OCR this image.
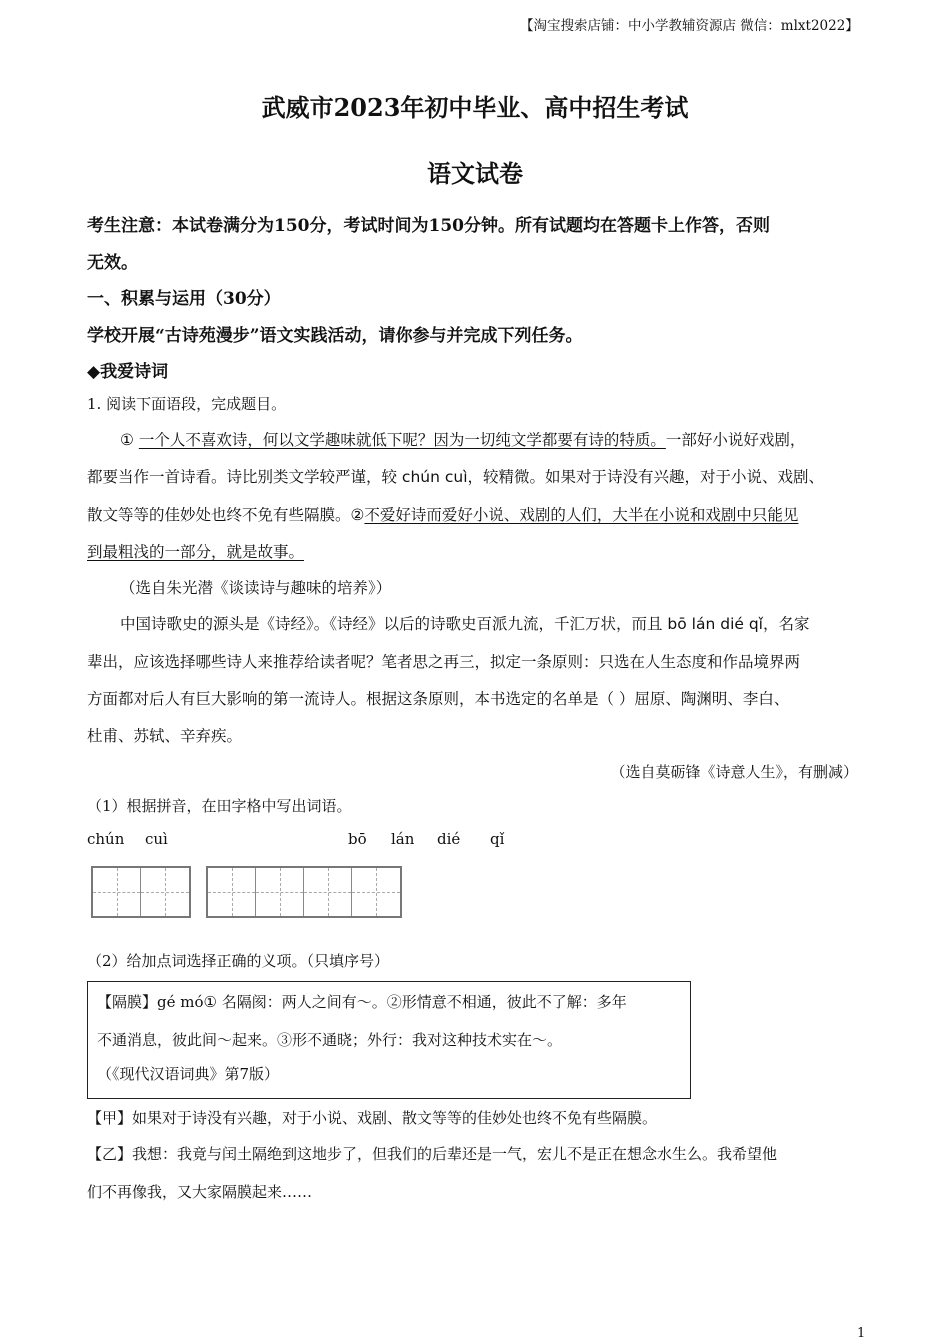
【淘宝搜索店铺：中小学教辅资源店 微信：mlxt2022】
武威市2023年初中毕业、高中招生考试
语文试卷
考生注意：本试卷满分为150分，考试时间为150分钟。所有试题均在答题卡上作答，否则
无效。
一、积累与运用（30分）
学校开展“古诗苑漫步”语文实践活动，请你参与并完成下列任务。
◆我爱诗词
1. 阅读下面语段，完成题目。
① 一个人不喜欢诗，何以文学趣味就低下呢？因为一切纯文学都要有诗的特质。一部好小说好戏剧，
都要当作一首诗看。诗比别类文学较严谨，较 chún cuì，较精微。如果对于诗没有兴趣，对于小说、戏剧、
散文等等的佳妙处也终不免有些隔膜。②不爱好诗而爱好小说、戏剧的人们，大半在小说和戏剧中只能见
到最粗浅的一部分，就是故事。
（选自朱光潜《谈读诗与趣味的培养》）
中国诗歌史的源头是《诗经》。《诗经》以后的诗歌史百派九流，千汇万状，而且 bō lán dié qǐ，名家
辈出，应该选择哪些诗人来推荐给读者呢？笔者思之再三，拟定一条原则：只选在人生态度和作品境界两
方面都对后人有巨大影响的第一流诗人。根据这条原则，本书选定的名单是（ ）屈原、陶渊明、李白、
杜甫、苏轼、辛弃疾。
（选自莫砺锋《诗意人生》，有删减）
（1）根据拼音，在田字格中写出词语。
chún cuì	bō lán dié qǐ
（2）给加点词选择正确的义项。（只填序号）
【隔膜】gé mó① 名隔阂：两人之间有～。②形情意不相通，彼此不了解：多年
不通消息，彼此间～起来。③形不通晓；外行：我对这种技术实在～。
（《现代汉语词典》第7版）
【甲】如果对于诗没有兴趣，对于小说、戏剧、散文等等的佳妙处也终不免有些隔膜。
【乙】我想：我竟与闰土隔绝到这地步了，但我们的后辈还是一气，宏儿不是正在想念水生么。我希望他
们不再像我，又大家隔膜起来……
1
